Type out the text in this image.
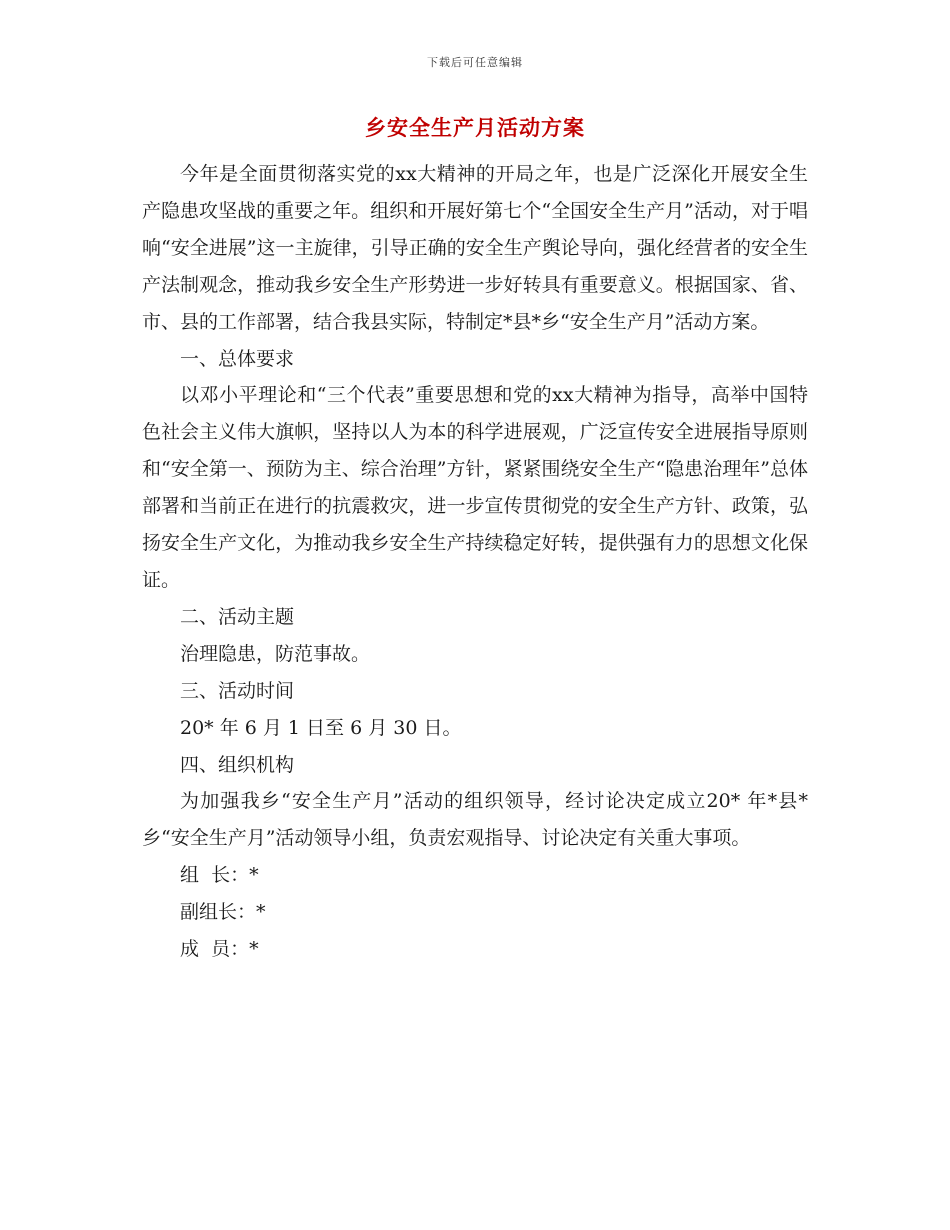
下载后可任意编辑
乡安全生产月活动方案

今年是全面贯彻落实党的xx大精神的开局之年，也是广泛深化开展安全生产隐患攻坚战的重要之年。组织和开展好第七个“全国安全生产月”活动，对于唱响“安全进展”这一主旋律，引导正确的安全生产舆论导向，强化经营者的安全生产法制观念，推动我乡安全生产形势进一步好转具有重要意义。根据国家、省、市、县的工作部署，结合我县实际，特制定*县*乡“安全生产月”活动方案。

一、总体要求

以邓小平理论和“三个代表”重要思想和党的xx大精神为指导，高举中国特色社会主义伟大旗帜，坚持以人为本的科学进展观，广泛宣传安全进展指导原则和“安全第一、预防为主、综合治理”方针，紧紧围绕安全生产“隐患治理年”总体部署和当前正在进行的抗震救灾，进一步宣传贯彻党的安全生产方针、政策，弘扬安全生产文化，为推动我乡安全生产持续稳定好转，提供强有力的思想文化保证。

二、活动主题

治理隐患，防范事故。

三、活动时间

20* 年 6 月 1 日至 6 月 30 日。

四、组织机构

为加强我乡“安全生产月”活动的组织领导，经讨论决定成立20* 年*县*乡“安全生产月”活动领导小组，负责宏观指导、讨论决定有关重大事项。

组  长：*

副组长：*

成  员：*
